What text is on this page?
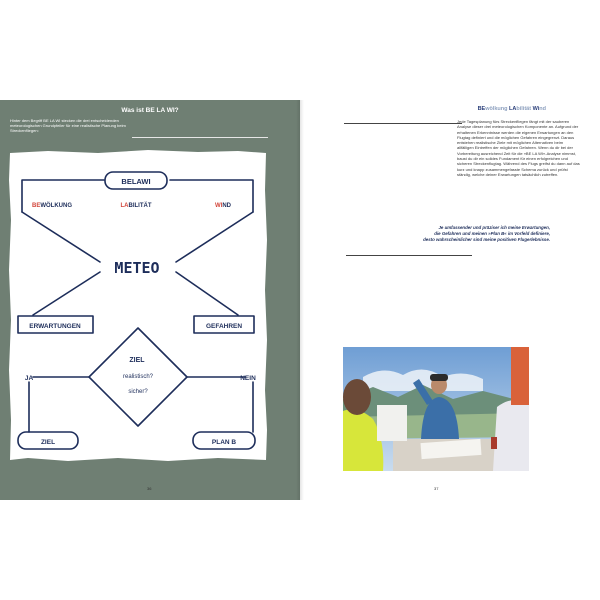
Was ist BE LA WI?
Hinter dem Begriff BE LA WI stecken die drei entscheidenden meteorologischen Grundpfeiler für eine realistische Planung beim Streckenfliegen:
BELAWI
BEWÖLKUNG	LABILITÄT	WIND
METEO
ERWARTUNGEN	GEFAHREN
ZIEL
realistisch?
sicher?
JA	NEIN
ZIEL	PLAN B
36
BEwölkung LAbilität Wind
Jede Tagesplanung fürs Streckenfliegen fängt mit der sauberen Analyse dieser drei meteorologischen Komponente an. Aufgrund der erhaltenen Erkenntnisse werden die eigenen Erwartungen an den Flugtag definiert und die möglichen Gefahren eingegrenzt. Daraus entstehen realistische Ziele mit möglichen Alternativen beim allfälligen Eintreffen der möglichen Gefahren. Wenn du dir bei der Vorbereitung ausreichend Zeit für die »BE LA WI«-Analyse nimmst, baust du dir ein solides Fundament für einen erfolgreichen und sicheren Streckenflugtag. Während des Flugs greifst du dann auf das kurz und knapp zusammengefasste Schema zurück und prüfst ständig, welche deiner Erwartungen tatsächlich zutreffen.
Je umfassender und präziser ich meine Erwartungen,
die Gefahren und meinen »Plan B« im Vorfeld definiere,
desto wahrscheinlicher sind meine positiven Flugerlebnisse.
37
